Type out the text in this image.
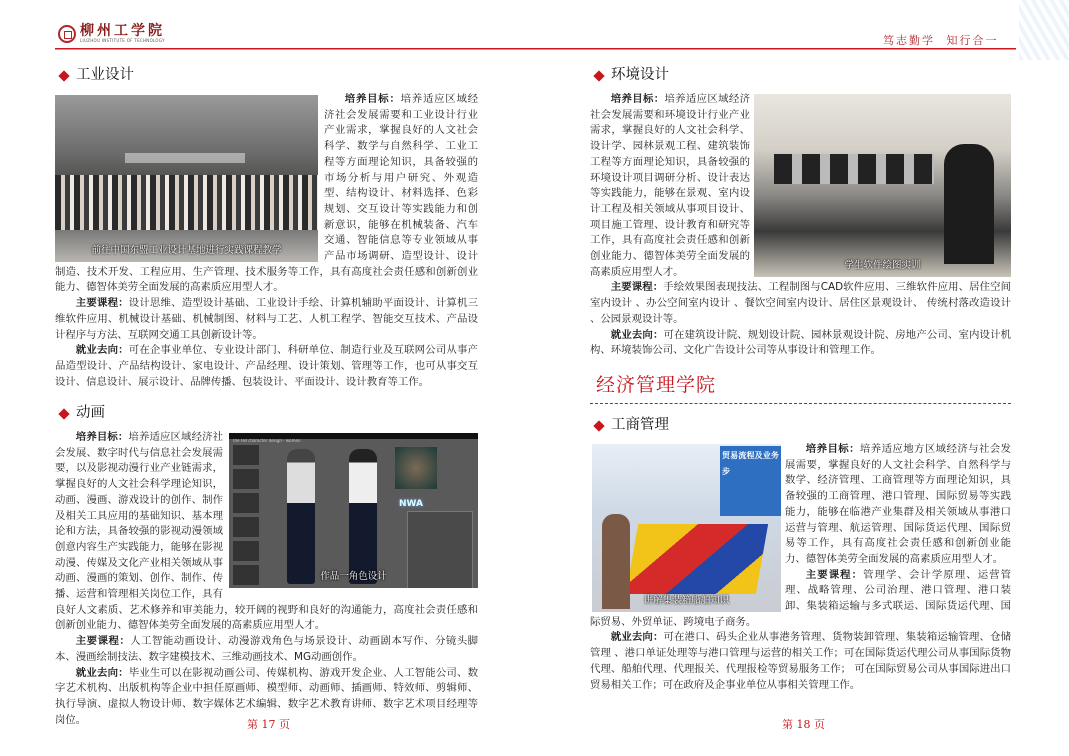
柳州工学院
LIUZHOU INSTITUTE OF TECHNOLOGY	笃志勤学 知行合一
工业设计
前往中国东盟工业设计基地进行实践课程教学

培养目标：培养适应区域经济社会发展需要和工业设计行业产业需求，掌握良好的人文社会科学、数学与自然科学、工业工程等方面理论知识，具备较强的市场分析与用户研究、外观造型、结构设计、材料选择、色彩规划、交互设计等实践能力和创新意识，能够在机械装备、汽车交通、智能信息等专业领域从事产品市场调研、造型设计、设计制造、技术开发、工程应用、生产管理、技术服务等工作，具有高度社会责任感和创新创业能力、德智体美劳全面发展的高素质应用型人才。

主要课程：设计思维、造型设计基础、工业设计手绘、计算机辅助平面设计、计算机三维软件应用、机械设计基础、机械制图、材料与工艺、人机工程学、智能交互技术、产品设计程序与方法、互联网交通工具创新设计等。

就业去向：可在企事业单位、专业设计部门、科研单位、制造行业及互联网公司从事产品造型设计、产品结构设计、家电设计、产品经理、设计策划、管理等工作，也可从事交互设计、信息设计、展示设计、品牌传播、包装设计、平面设计、设计教育等工作。

动画
The FBI character design - women
NWA
作品一角色设计

培养目标：培养适应区域经济社会发展、数字时代与信息社会发展需要，以及影视动漫行业产业链需求，掌握良好的人文社会科学理论知识，动画、漫画、游戏设计的创作、制作及相关工具应用的基础知识、基本理论和方法，具备较强的影视动漫领域创意内容生产实践能力，能够在影视动漫、传媒及文化产业相关领域从事动画、漫画的策划、创作、制作、传播、运营和管理相关岗位工作，具有良好人文素质、艺术修养和审美能力，较开阔的视野和良好的沟通能力，高度社会责任感和创新创业能力、德智体美劳全面发展的高素质应用型人才。

主要课程：人工智能动画设计、动漫游戏角色与场景设计、动画剧本写作、分镜头脚本、漫画绘制技法、数字建模技术、三维动画技术、MG动画创作。

就业去向：毕业生可以在影视动画公司、传媒机构、游戏开发企业、人工智能公司、数字艺术机构、出版机构等企业中担任原画师、模型师、动画师、插画师、特效师、剪辑师、执行导演、虚拟人物设计师、数字媒体艺术编辑、数字艺术教育讲师、数字艺术项目经理等岗位。	第 17 页
环境设计
学生软件绘图实训

培养目标：培养适应区域经济社会发展需要和环境设计行业产业需求，掌握良好的人文社会科学、设计学、园林景观工程、建筑装饰工程等方面理论知识，具备较强的环境设计项目调研分析、设计表达等实践能力，能够在景观、室内设计工程及相关领域从事项目设计、项目施工管理、设计教育和研究等工作，具有高度社会责任感和创新创业能力、德智体美劳全面发展的高素质应用型人才。

主要课程：手绘效果图表现技法、工程制图与CAD软件应用、三维软件应用、居住空间室内设计 、办公空间室内设计 、餐饮空间室内设计、居住区景观设计、 传统村落改造设计 、公园景观设计等。

就业去向：可在建筑设计院、规划设计院、园林景观设计院、房地产公司、室内设计机构、环境装饰公司、文化广告设计公司等从事设计和管理工作。

经济管理学院
工商管理
贸易流程及业务步
讲解集装箱船舶知识

培养目标：培养适应地方区域经济与社会发展需要，掌握良好的人文社会科学、自然科学与数学、经济管理、工商管理等方面理论知识，具备较强的工商管理、港口管理、国际贸易等实践能力，能够在临港产业集群及相关领域从事港口运营与管理、航运管理、国际货运代理、国际贸易等工作，具有高度社会责任感和创新创业能力、德智体美劳全面发展的高素质应用型人才。

主要课程：管理学、会计学原理、运营管理、战略管理、公司治理、港口管理、港口装卸、集装箱运输与多式联运、国际货运代理、国际贸易、外贸单证、跨境电子商务。

就业去向：可在港口、码头企业从事港务管理、货物装卸管理、集装箱运输管理、仓储管理 、港口单证处理等与港口管理与运营的相关工作；可在国际货运代理公司从事国际货物代理、船舶代理、代理报关、代理报检等贸易服务工作； 可在国际贸易公司从事国际进出口贸易相关工作；可在政府及企事业单位从事相关管理工作。

第 18 页
